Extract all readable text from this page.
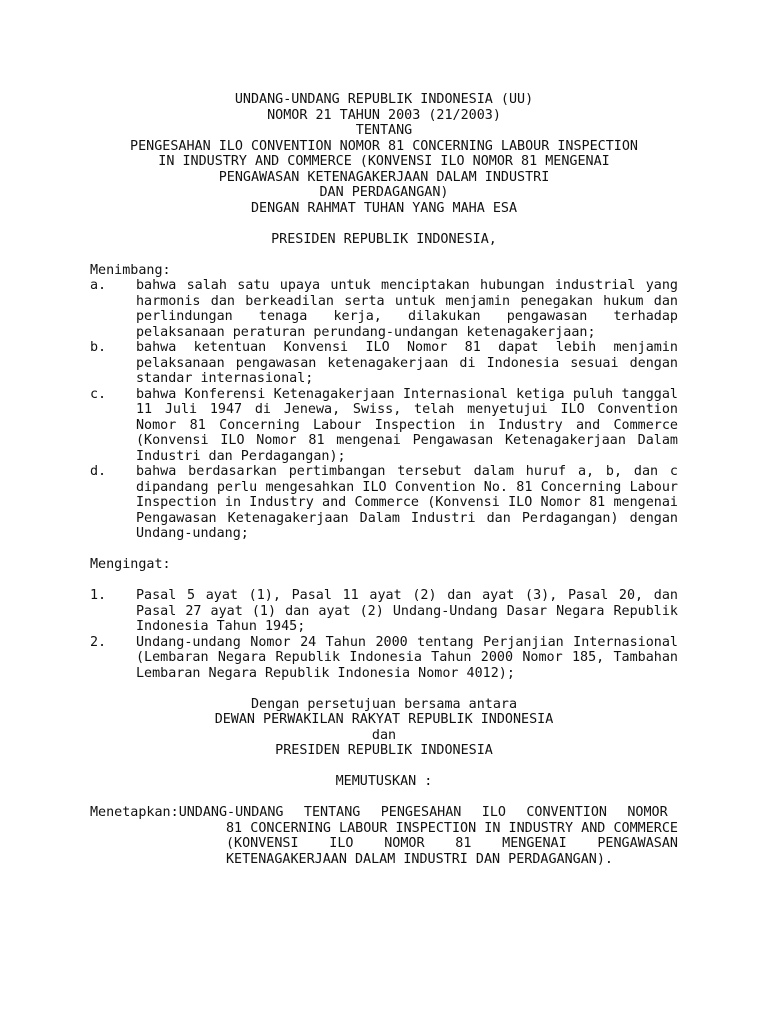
UNDANG-UNDANG REPUBLIK INDONESIA (UU)
NOMOR 21 TAHUN 2003 (21/2003)
TENTANG
PENGESAHAN ILO CONVENTION NOMOR 81 CONCERNING LABOUR INSPECTION
IN INDUSTRY AND COMMERCE (KONVENSI ILO NOMOR 81 MENGENAI
PENGAWASAN KETENAGAKERJAAN DALAM INDUSTRI
DAN PERDAGANGAN)
DENGAN RAHMAT TUHAN YANG MAHA ESA
PRESIDEN REPUBLIK INDONESIA,
Menimbang:
a.	bahwa salah satu upaya untuk menciptakan hubungan industrial yang harmonis dan berkeadilan serta untuk menjamin penegakan hukum dan perlindungan tenaga kerja, dilakukan pengawasan terhadap pelaksanaan peraturan perundang-undangan ketenagakerjaan;
b.	bahwa ketentuan Konvensi ILO Nomor 81 dapat lebih menjamin pelaksanaan pengawasan ketenagakerjaan di Indonesia sesuai dengan standar internasional;
c.	bahwa Konferensi Ketenagakerjaan Internasional ketiga puluh tanggal 11 Juli 1947 di Jenewa, Swiss, telah menyetujui ILO Convention Nomor 81 Concerning Labour Inspection in Industry and Commerce (Konvensi ILO Nomor 81 mengenai Pengawasan Ketenagakerjaan Dalam Industri dan Perdagangan);
d.	bahwa berdasarkan pertimbangan tersebut dalam huruf a, b, dan c dipandang perlu mengesahkan ILO Convention No. 81 Concerning Labour Inspection in Industry and Commerce (Konvensi ILO Nomor 81 mengenai Pengawasan Ketenagakerjaan Dalam Industri dan Perdagangan) dengan Undang-undang;
Mengingat:
1.	Pasal 5 ayat (1), Pasal 11 ayat (2) dan ayat (3), Pasal 20, dan Pasal 27 ayat (1) dan ayat (2) Undang-Undang Dasar Negara Republik Indonesia Tahun 1945;
2.	Undang-undang Nomor 24 Tahun 2000 tentang Perjanjian Internasional (Lembaran Negara Republik Indonesia Tahun 2000 Nomor 185, Tambahan Lembaran Negara Republik Indonesia Nomor 4012);
Dengan persetujuan bersama antara
DEWAN PERWAKILAN RAKYAT REPUBLIK INDONESIA
dan
PRESIDEN REPUBLIK INDONESIA
MEMUTUSKAN :
Menetapkan:UNDANG-UNDANG TENTANG PENGESAHAN ILO CONVENTION NOMOR
81 CONCERNING LABOUR INSPECTION IN INDUSTRY AND COMMERCE (KONVENSI ILO NOMOR 81 MENGENAI PENGAWASAN KETENAGAKERJAAN DALAM INDUSTRI DAN PERDAGANGAN).
